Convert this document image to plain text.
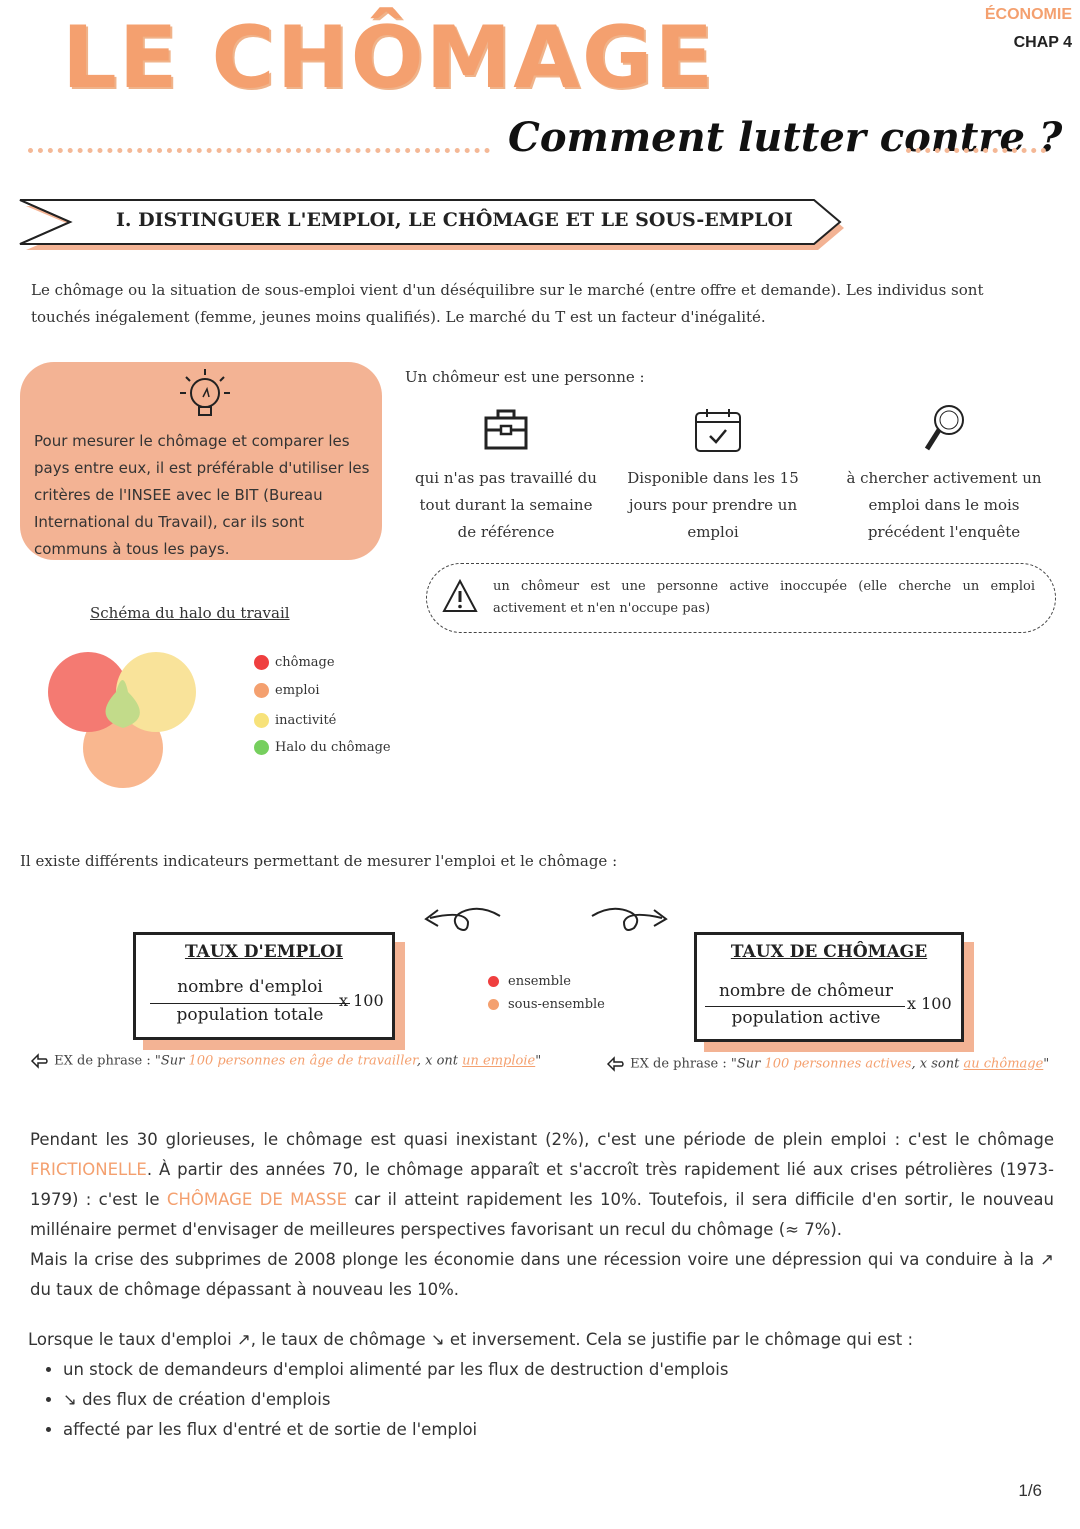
LE CHÔMAGE	ÉCONOMIE
CHAP 4
Comment lutter contre ?
I. DISTINGUER L'EMPLOI, LE CHÔMAGE ET LE SOUS-EMPLOI
Le chômage ou la situation de sous-emploi vient d'un déséquilibre sur le marché (entre offre et demande). Les individus sont touchés inégalement (femme, jeunes moins qualifiés). Le marché du T est un facteur d'inégalité.
Pour mesurer le chômage et comparer les pays entre eux, il est préférable d'utiliser les critères de l'INSEE avec le BIT (Bureau International du Travail), car ils sont communs à tous les pays.
Un chômeur est une personne :
qui n'as pas travaillé du tout durant la semaine de référence
Disponible dans les 15 jours pour prendre un emploi
à chercher activement un emploi dans le mois précédent l'enquête
un chômeur est une personne active inoccupée (elle cherche un emploi activement et n'en n'occupe pas)
Schéma du halo du travail
chômage
emploi
inactivité
Halo du chômage
Il existe différents indicateurs permettant de mesurer l'emploi et le chômage :
TAUX D'EMPLOI
nombre d'emploi
population totale
x 100
ensemble
sous-ensemble
TAUX DE CHÔMAGE
nombre de chômeur
population active
x 100
EX de phrase : "Sur 100 personnes en âge de travailler, x ont un emploie"	EX de phrase : "Sur 100 personnes actives, x sont au chômage"
Pendant les 30 glorieuses, le chômage est quasi inexistant (2%), c'est une période de plein emploi : c'est le chômage FRICTIONELLE. À partir des années 70, le chômage apparaît et s'accroît très rapidement lié aux crises pétrolières (1973-1979) : c'est le CHÔMAGE DE MASSE car il atteint rapidement les 10%. Toutefois, il sera difficile d'en sortir, le nouveau millénaire permet d'envisager de meilleures perspectives favorisant un recul du chômage (≈ 7%).
Mais la crise des subprimes de 2008 plonge les économie dans une récession voire une dépression qui va conduire à la ↗ du taux de chômage dépassant à nouveau les 10%.
Lorsque le taux d'emploi ↗, le taux de chômage ↘ et inversement. Cela se justifie par le chômage qui est :
• un stock de demandeurs d'emploi alimenté par les flux de destruction d'emplois
• ↘ des flux de création d'emplois
• affecté par les flux d'entré et de sortie de l'emploi
1/6
